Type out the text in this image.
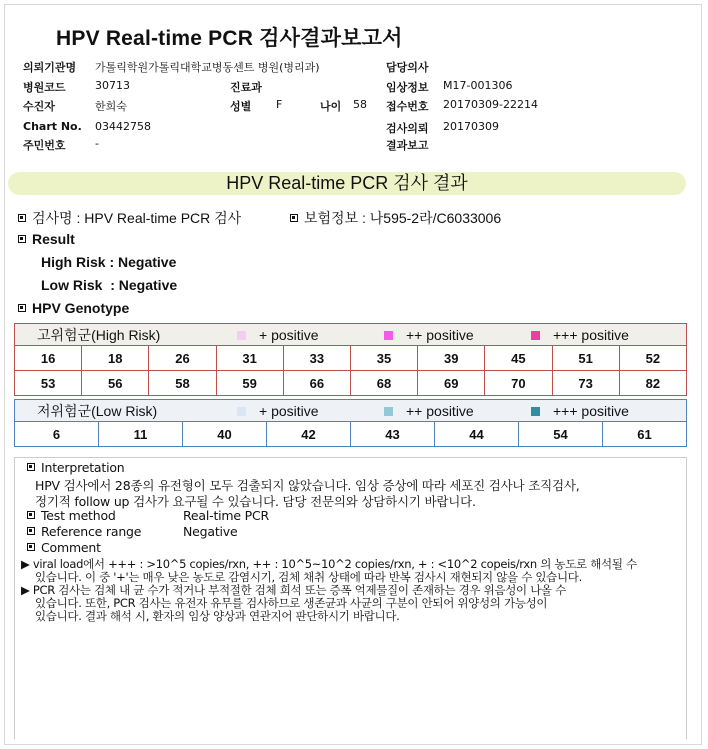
HPV Real-time PCR 검사결과보고서
의뢰기관명 가톨릭학원가톨릭대학교병동센트 병원(병리과)
병원코드	30713
수진자	한희숙
Chart No. 03442758
주민번호	-
진료과
성별 F	나이 58
담당의사
임상정보 M17-001306
접수번호 20170309-22214
검사의뢰 20170309
결과보고
HPV Real-time PCR 검사 결과
검사명 : HPV Real-time PCR 검사	보험정보 : 나595-2라/C6033006
Result
High Risk : Negative
Low Risk  : Negative
HPV Genotype
고위험군(High Risk)	+ positive	++ positive	+++ positive
16	18	26	31	33	35	39	45	51	52
53	56	58	59	66	68	69	70	73	82
저위험군(Low Risk)	+ positive	++ positive	+++ positive
6	11	40	42	43	44	54	61
Interpretation
HPV 검사에서 28종의 유전형이 모두 검출되지 않았습니다. 임상 증상에 따라 세포진 검사나 조직검사,
정기적 follow up 검사가 요구될 수 있습니다. 담당 전문의와 상담하시기 바랍니다.
Test method	Real-time PCR
Reference range	Negative
Comment
▶ viral load에서 +++ : >10^5 copies/rxn, ++ : 10^5~10^2 copies/rxn, + : <10^2 copeis/rxn 의 농도로 해석될 수
있습니다. 이 중 '+'는 매우 낮은 농도로 감염시기, 검체 채취 상태에 따라 반복 검사시 재현되지 않을 수 있습니다.
▶ PCR 검사는 검체 내 균 수가 적거나 부적절한 검체 희석 또는 증폭 억제물질이 존재하는 경우 위음성이 나올 수
있습니다. 또한, PCR 검사는 유전자 유무를 검사하므로 생존균과 사균의 구분이 안되어 위양성의 가능성이
있습니다. 결과 해석 시, 환자의 임상 양상과 연관지어 판단하시기 바랍니다.
